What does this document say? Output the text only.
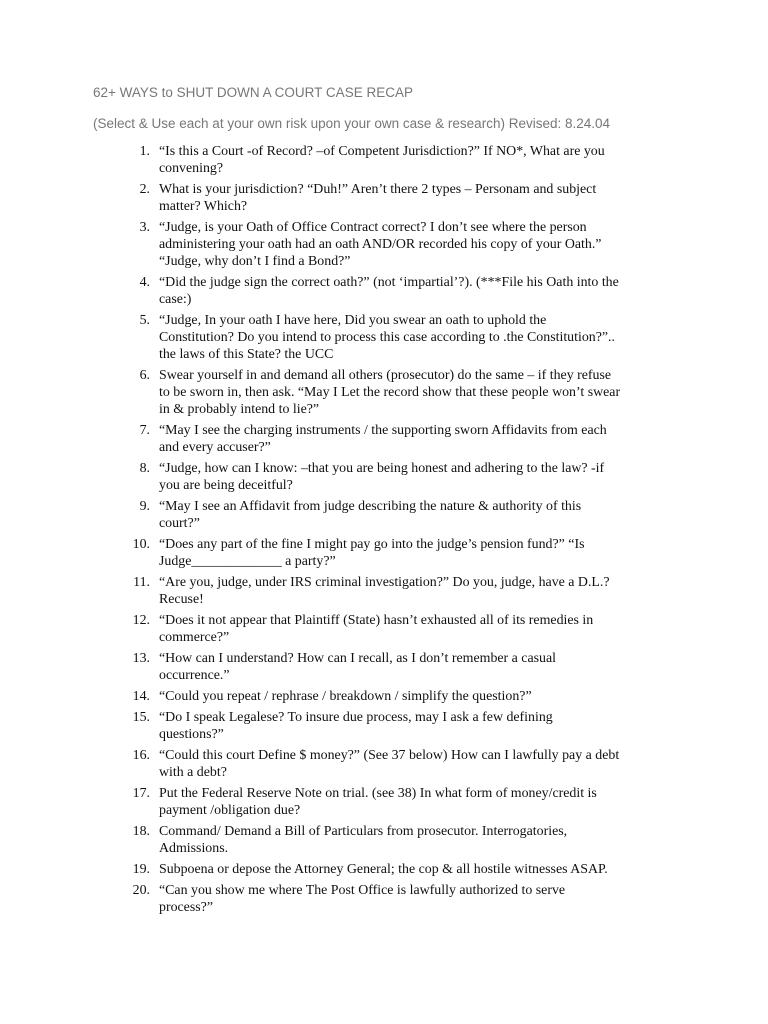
62+ WAYS to SHUT DOWN A COURT CASE RECAP
(Select & Use each at your own risk upon your own case & research) Revised: 8.24.04
1. “Is this a Court -of Record? –of Competent Jurisdiction?” If NO*, What are you
convening?
2. What is your jurisdiction? “Duh!” Aren’t there 2 types – Personam and subject
matter? Which?
3. “Judge, is your Oath of Office Contract correct? I don’t see where the person
administering your oath had an oath AND/OR recorded his copy of your Oath.”
“Judge, why don’t I find a Bond?”
4. “Did the judge sign the correct oath?” (not ‘impartial’?). (***File his Oath into the
case:)
5. “Judge, In your oath I have here, Did you swear an oath to uphold the
Constitution? Do you intend to process this case according to .the Constitution?”..
the laws of this State? the UCC
6. Swear yourself in and demand all others (prosecutor) do the same – if they refuse
to be sworn in, then ask. “May I Let the record show that these people won’t swear
in & probably intend to lie?”
7. “May I see the charging instruments / the supporting sworn Affidavits from each
and every accuser?”
8. “Judge, how can I know: –that you are being honest and adhering to the law? -if
you are being deceitful?
9. “May I see an Affidavit from judge describing the nature & authority of this
court?”
10. “Does any part of the fine I might pay go into the judge’s pension fund?” “Is
Judge_____________ a party?”
11. “Are you, judge, under IRS criminal investigation?” Do you, judge, have a D.L.?
Recuse!
12. “Does it not appear that Plaintiff (State) hasn’t exhausted all of its remedies in
commerce?”
13. “How can I understand? How can I recall, as I don’t remember a casual
occurrence.”
14. “Could you repeat / rephrase / breakdown / simplify the question?”
15. “Do I speak Legalese? To insure due process, may I ask a few defining
questions?”
16. “Could this court Define $ money?” (See 37 below) How can I lawfully pay a debt
with a debt?
17. Put the Federal Reserve Note on trial. (see 38) In what form of money/credit is
payment /obligation due?
18. Command/ Demand a Bill of Particulars from prosecutor. Interrogatories,
Admissions.
19. Subpoena or depose the Attorney General; the cop & all hostile witnesses ASAP.
20. “Can you show me where The Post Office is lawfully authorized to serve
process?”
